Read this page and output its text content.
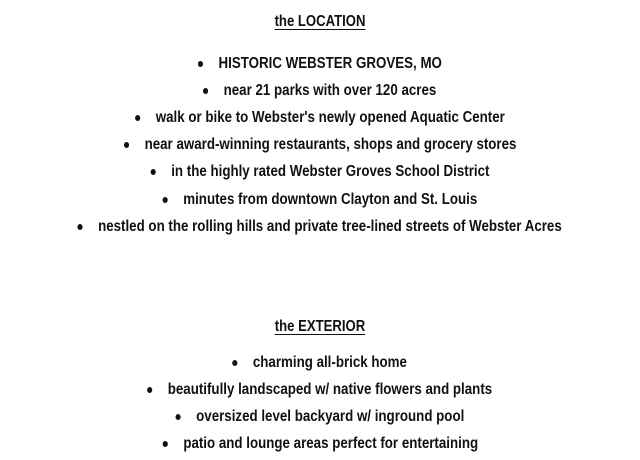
the LOCATION
HISTORIC WEBSTER GROVES, MO
near 21 parks with over 120 acres
walk or bike to Webster's newly opened Aquatic Center
near award-winning restaurants, shops and grocery stores
in the highly rated Webster Groves School District
minutes from downtown Clayton and St. Louis
nestled on the rolling hills and private tree-lined streets of Webster Acres
the EXTERIOR
charming all-brick home
beautifully landscaped w/ native flowers and plants
oversized level backyard w/ inground pool
patio and lounge areas perfect for entertaining
